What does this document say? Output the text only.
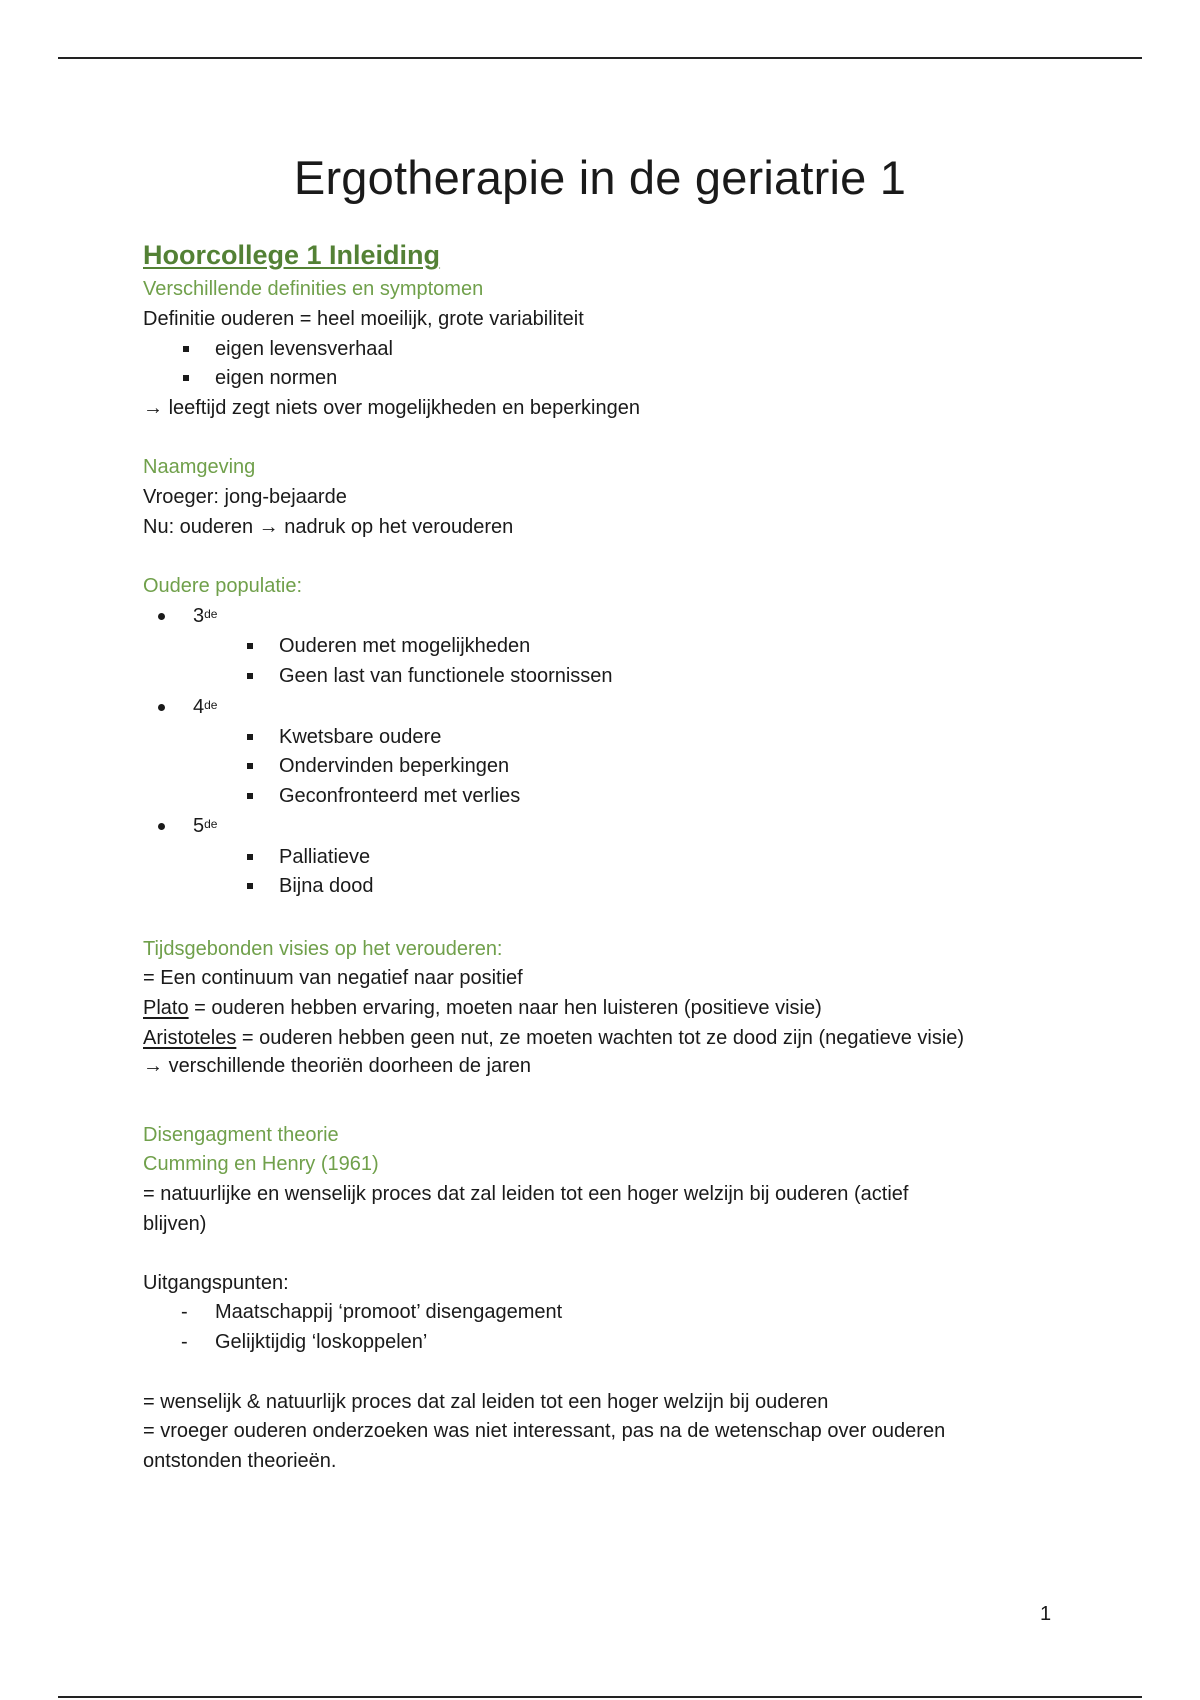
Ergotherapie in de geriatrie 1
Hoorcollege 1 Inleiding
Verschillende definities en symptomen
Definitie ouderen = heel moeilijk, grote variabiliteit
eigen levensverhaal
eigen normen
→ leeftijd zegt niets over mogelijkheden en beperkingen
Naamgeving
Vroeger: jong-bejaarde
Nu: ouderen → nadruk op het verouderen
Oudere populatie:
3de
Ouderen met mogelijkheden
Geen last van functionele stoornissen
4de
Kwetsbare oudere
Ondervinden beperkingen
Geconfronteerd met verlies
5de
Palliatieve
Bijna dood
Tijdsgebonden visies op het verouderen:
= Een continuum van negatief naar positief
Plato = ouderen hebben ervaring, moeten naar hen luisteren (positieve visie)
Aristoteles = ouderen hebben geen nut, ze moeten wachten tot ze dood zijn (negatieve visie)
→ verschillende theoriën doorheen de jaren
Disengagment theorie
Cumming en Henry (1961)
= natuurlijke en wenselijk proces dat zal leiden tot een hoger welzijn bij ouderen (actief
blijven)
Uitgangspunten:
- Maatschappij ‘promoot’ disengagement
- Gelijktijdig ‘loskoppelen’
= wenselijk & natuurlijk proces dat zal leiden tot een hoger welzijn bij ouderen
= vroeger ouderen onderzoeken was niet interessant, pas na de wetenschap over ouderen
ontstonden theorieën.
1
